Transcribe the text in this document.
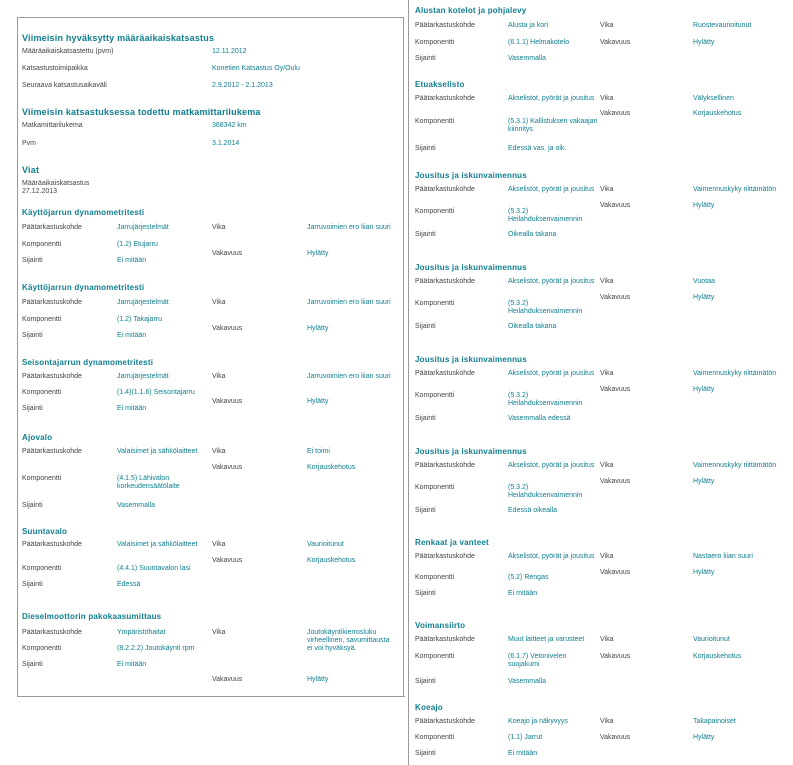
Viimeisin hyväksytty määräaikaiskatsastus
Määräaikaiskatsastettu (pvm)	12.11.2012
Katsastustoimipaikka	Konetien Katsastus Oy/Oulu
Seuraava katsastusaikaväli	2.9.2012 - 2.1.2013
Viimeisin katsastuksessa todettu matkamittarilukema
Matkamittarilukema	368342 km
Pvm	3.1.2014
Viat
Määräaikaiskatsastus
27.12.2013
Käyttöjarrun dynamometritesti
Päätarkastuskohde	Jarrujärjestelmät
Komponentti	(1.2) Etujarru
Sijainti	Ei mitään
Vika	Jarruvoimien ero liian suuri
Vakavuus	Hylätty
Käyttöjarrun dynamometritesti
Päätarkastuskohde	Jarrujärjestelmät
Komponentti	(1.2) Takajarru
Sijainti	Ei mitään
Vika	Jarruvoimien ero liian suuri
Vakavuus	Hylätty
Seisontajarrun dynamometritesti
Päätarkastuskohde	Jarrujärjestelmät
Komponentti	(1.4)(1.1.6) Seisontajarru
Sijainti	Ei mitään
Vika	Jarruvoimien ero liian suuri
Vakavuus	Hylätty
Ajovalo
Päätarkastuskohde	Valaisimet ja sähkölaitteet
Komponentti	(4.1.5) Lähivalon korkeudensäätölaite
Sijainti	Vasemmalla
Vika	Ei toimi
Vakavuus	Korjauskehotus
Suuntavalo
Päätarkastuskohde	Valaisimet ja sähkölaitteet
Komponentti	(4.4.1) Suuntavalon lasi
Sijainti	Edessä
Vika	Vaurioitunut
Vakavuus	Korjauskehotus
Dieselmoottorin pakokaasumittaus
Päätarkastuskohde	Ympäristöhaitat
Komponentti	(8.2.2.2) Joutokäynti rpm
Sijainti	Ei mitään
Vika	Joutokäyntikierrosluku virheellinen, savumittausta ei voi hyväksyä.
Vakavuus	Hylätty
Alustan kotelot ja pohjalevy
Päätarkastuskohde	Alusta ja kori
Komponentti	(6.1.1) Helmakotelo
Sijainti	Vasemmalla
Vika	Ruostevaurioitunut
Vakavuus	Hylätty
Etuakselisto
Päätarkastuskohde	Akselistot, pyörät ja jousitus
Komponentti	(5.3.1) Kallistuksen vakaajan kiinnitys
Sijainti	Edessä vas. ja oik.
Vika	Välyksellinen
Vakavuus	Korjauskehotus
Jousitus ja iskunvaimennus
Päätarkastuskohde	Akselistot, pyörät ja jousitus
Komponentti	(5.3.2) Heilahduksenvaimennin
Sijainti	Oikealla takana
Vika	Vaimennuskyky riittämätön
Vakavuus	Hylätty
Jousitus ja iskunvaimennus
Päätarkastuskohde	Akselistot, pyörät ja jousitus
Komponentti	(5.3.2) Heilahduksenvaimennin
Sijainti	Oikealla takana
Vika	Vuotaa
Vakavuus	Hylätty
Jousitus ja iskunvaimennus
Päätarkastuskohde	Akselistot, pyörät ja jousitus
Komponentti	(5.3.2) Heilahduksenvaimennin
Sijainti	Vasemmalla edessä
Vika	Vaimennuskyky riittämätön
Vakavuus	Hylätty
Jousitus ja iskunvaimennus
Päätarkastuskohde	Akselistot, pyörät ja jousitus
Komponentti	(5.3.2) Heilahduksenvaimennin
Sijainti	Edessä oikealla
Vika	Vaimennuskyky riittämätön
Vakavuus	Hylätty
Renkaat ja vanteet
Päätarkastuskohde	Akselistot, pyörät ja jousitus
Komponentti	(5.2) Rengas
Sijainti	Ei mitään
Vika	Nastaero liian suuri
Vakavuus	Hylätty
Voimansiirto
Päätarkastuskohde	Muut laitteet ja varusteet
Komponentti	(6.1.7) Vetonivelen suojakumi
Sijainti	Vasemmalla
Vika	Vaurioitunut
Vakavuus	Korjauskehotus
Koeajo
Päätarkastuskohde	Koeajo ja näkyvyys
Komponentti	(1.1) Jarrut
Sijainti	Ei mitään
Vika	Takapainoiset
Vakavuus	Hylätty
